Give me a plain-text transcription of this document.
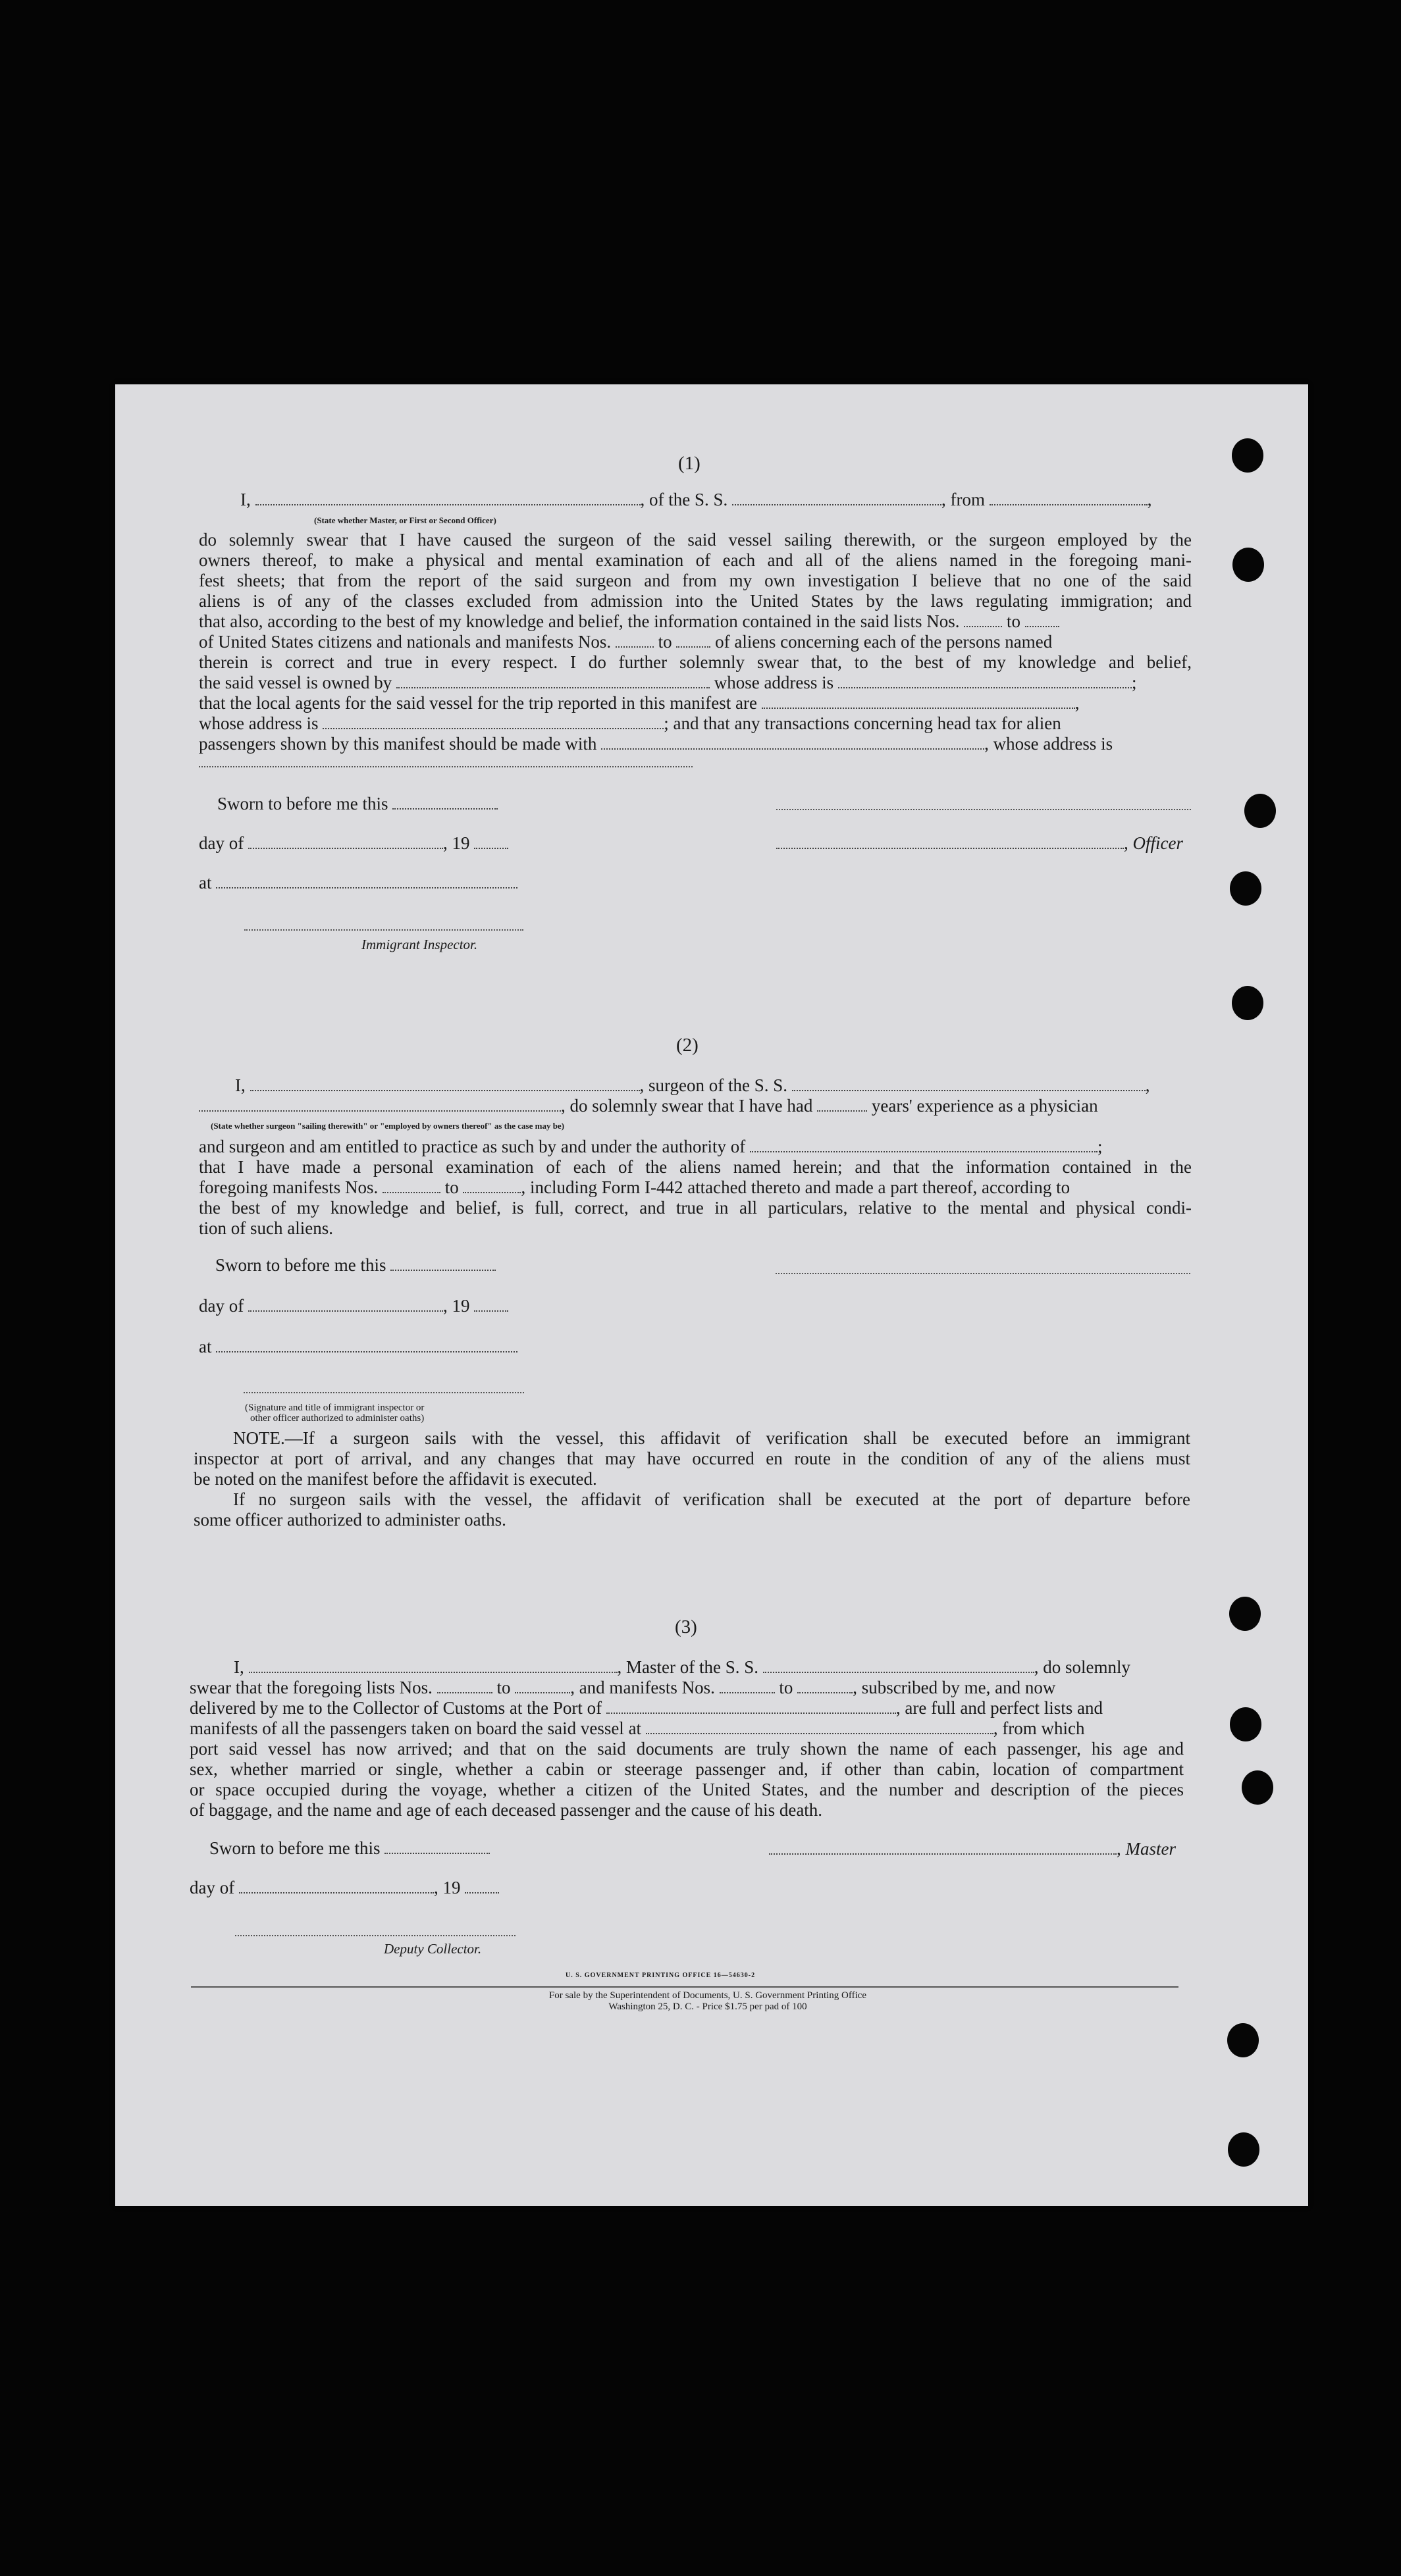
(1)
I,	, of the S. S.	, from	,
(State whether Master, or First or Second Officer)
do solemnly swear that I have caused the surgeon of the said vessel sailing therewith, or the surgeon employed by the
owners thereof, to make a physical and mental examination of each and all of the aliens named in the foregoing mani-
fest sheets; that from the report of the said surgeon and from my own investigation I believe that no one of the said
aliens is of any of the classes excluded from admission into the United States by the laws regulating immigration; and
that also, according to the best of my knowledge and belief, the information contained in the said lists Nos.	to
of United States citizens and nationals and manifests Nos.	to of aliens concerning each of the persons named
therein is correct and true in every respect. I do further solemnly swear that, to the best of my knowledge and belief,
the said vessel is owned by	whose address is	;
that the local agents for the said vessel for the trip reported in this manifest are	,
whose address is	; and that any transactions concerning head tax for alien
passengers shown by this manifest should be made with	, whose address is
Sworn to before me this
day of	, 19	, Officer
at
Immigrant Inspector.
(2)
I,	, surgeon of the S. S.	,
, do solemnly swear that I have had	years' experience as a physician
(State whether surgeon "sailing therewith" or "employed by owners thereof" as the case may be)
and surgeon and am entitled to practice as such by and under the authority of	;
that I have made a personal examination of each of the aliens named herein; and that the information contained in the
foregoing manifests Nos.	to	, including Form I-442 attached thereto and made a part thereof, according to
the best of my knowledge and belief, is full, correct, and true in all particulars, relative to the mental and physical condi-
tion of such aliens.
Sworn to before me this
day of	, 19
at
(Signature and title of immigrant inspector or
other officer authorized to administer oaths)
NOTE.—If a surgeon sails with the vessel, this affidavit of verification shall be executed before an immigrant
inspector at port of arrival, and any changes that may have occurred en route in the condition of any of the aliens must
be noted on the manifest before the affidavit is executed.
If no surgeon sails with the vessel, the affidavit of verification shall be executed at the port of departure before
some officer authorized to administer oaths.
(3)
I,	, Master of the S. S.	, do solemnly
swear that the foregoing lists Nos.	to	, and manifests Nos.	to	, subscribed by me, and now
delivered by me to the Collector of Customs at the Port of	, are full and perfect lists and
manifests of all the passengers taken on board the said vessel at	, from which
port said vessel has now arrived; and that on the said documents are truly shown the name of each passenger, his age and
sex, whether married or single, whether a cabin or steerage passenger and, if other than cabin, location of compartment
or space occupied during the voyage, whether a citizen of the United States, and the number and description of the pieces
of baggage, and the name and age of each deceased passenger and the cause of his death.
Sworn to before me this	, Master
day of	, 19
Deputy Collector.
U. S. GOVERNMENT PRINTING OFFICE 16—54630-2
For sale by the Superintendent of Documents, U. S. Government Printing Office
Washington 25, D. C. - Price $1.75 per pad of 100
